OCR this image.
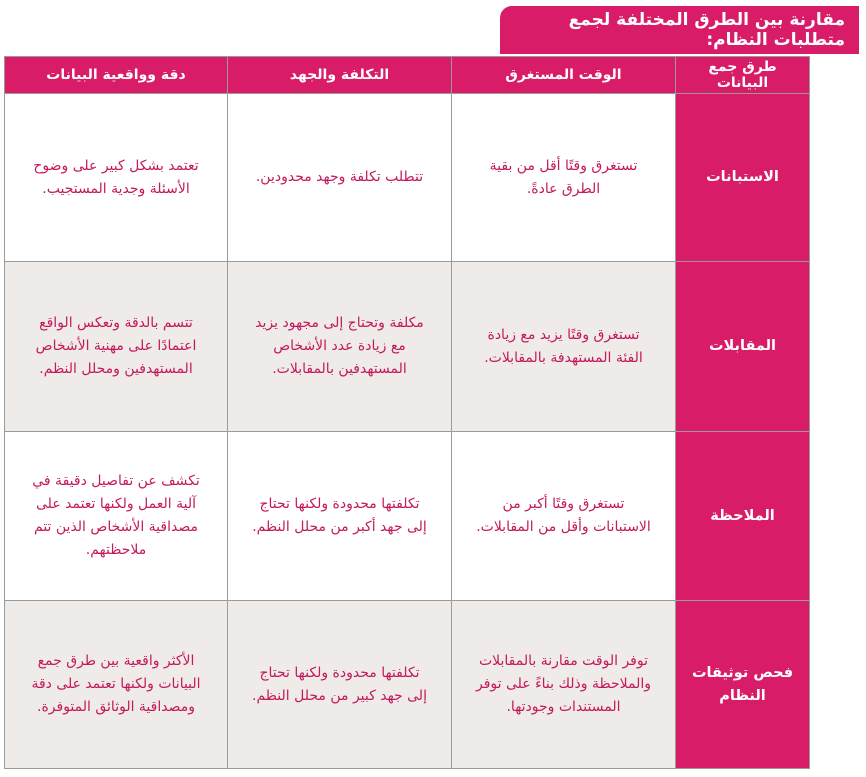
مقارنة بين الطرق المختلفة لجمع متطلبات النظام:
طرق جمع البيانات	الوقت المستغرق	التكلفة والجهد	دقة وواقعية البيانات
الاستبانات	تستغرق وقتًا أقل من بقية الطرق عادةً.	تتطلب تكلفة وجهد محدودين.	تعتمد بشكل كبير على وضوح الأسئلة وجدية المستجيب.
المقابلات	تستغرق وقتًا يزيد مع زيادة الفئة المستهدفة بالمقابلات.	مكلفة وتحتاج إلى مجهود يزيد مع زيادة عدد الأشخاص المستهدفين بالمقابلات.	تتسم بالدقة وتعكس الواقع اعتمادًا على مهنية الأشخاص المستهدفين ومحلل النظم.
الملاحظة	تستغرق وقتًا أكبر من الاستبانات وأقل من المقابلات.	تكلفتها محدودة ولكنها تحتاج إلى جهد أكبر من محلل النظم.	تكشف عن تفاصيل دقيقة في آلية العمل ولكنها تعتمد على مصداقية الأشخاص الذين تتم ملاحظتهم.
فحص توثيقات النظام	توفر الوقت مقارنة بالمقابلات والملاحظة وذلك بناءً على توفر المستندات وجودتها.	تكلفتها محدودة ولكنها تحتاج إلى جهد كبير من محلل النظم.	الأكثر واقعية بين طرق جمع البيانات ولكنها تعتمد على دقة ومصداقية الوثائق المتوفرة.
